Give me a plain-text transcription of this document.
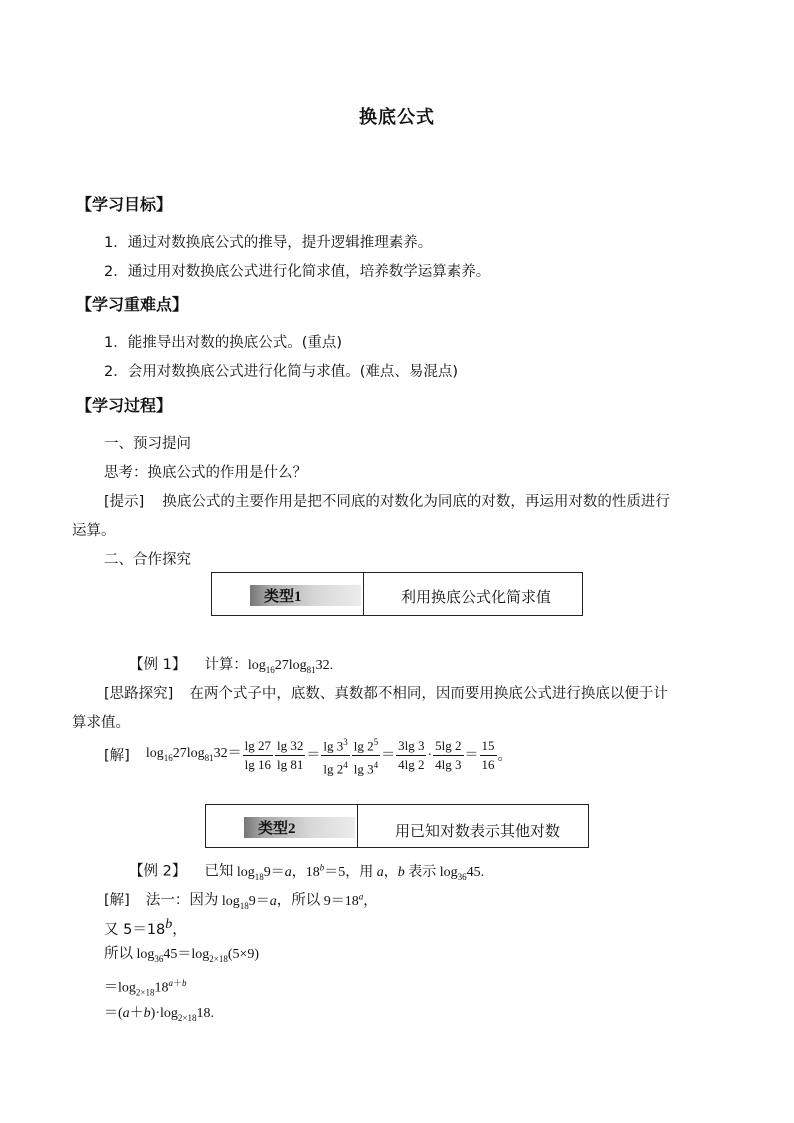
换底公式
【学习目标】
1．通过对数换底公式的推导，提升逻辑推理素养。
2．通过用对数换底公式进行化简求值，培养数学运算素养。
【学习重难点】
1．能推导出对数的换底公式。(重点)
2．会用对数换底公式进行化简与求值。(难点、易混点)
【学习过程】
一、预习提问
思考：换底公式的作用是什么？
[提示] 换底公式的主要作用是把不同底的对数化为同底的对数，再运用对数的性质进行
运算。
二、合作探究
类型1	利用换底公式化简求值
【例 1】 计算：$\log_{16}27\log_{81}32$.
[思路探究] 在两个式子中，底数、真数都不相同，因而要用换底公式进行换底以便于计
算求值。
[解] $\log_{16}27\log_{81}32= \frac{\lg 27}{\lg 16} \frac{\lg 32}{\lg 81} = \frac{\lg 3^3}{\lg 2^4} \frac{\lg 2^5}{\lg 3^4} = \frac{3\lg 3}{4\lg 2} \cdot \frac{5\lg 2}{4\lg 3} = \frac{15}{16}$ 。
类型2	用已知对数表示其他对数
【例 2】 已知 $\log_{18}9=a$，$18^b=5$，用 a，b 表示 $\log_{36}45$.
[解] 法一：因为 $\log_{18}9=a$，所以 $9=18^a$，
又 $5=18^b$，
所以 $\log_{36}45=\log_{2\times 18}(5\times 9)$
$=\log_{2\times 18}18^{a+b}$
$=(a+b)\cdot\log_{2\times 18}18$.
